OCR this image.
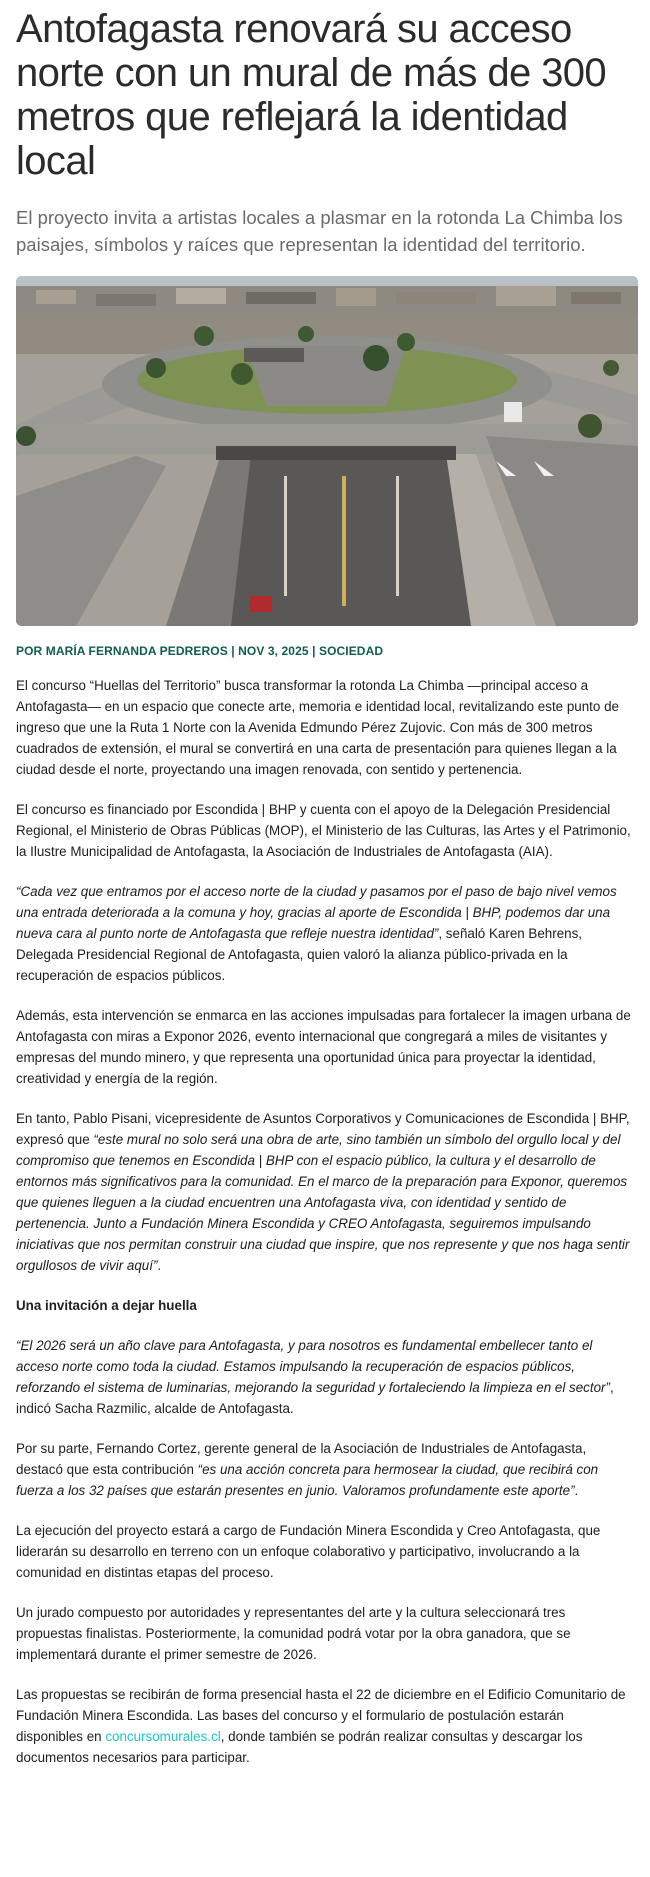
Antofagasta renovará su acceso norte con un mural de más de 300 metros que reflejará la identidad local

El proyecto invita a artistas locales a plasmar en la rotonda La Chimba los paisajes, símbolos y raíces que representan la identidad del territorio.

POR MARÍA FERNANDA PEDREROS | NOV 3, 2025 | SOCIEDAD

El concurso “Huellas del Territorio” busca transformar la rotonda La Chimba —principal acceso a Antofagasta— en un espacio que conecte arte, memoria e identidad local, revitalizando este punto de ingreso que une la Ruta 1 Norte con la Avenida Edmundo Pérez Zujovic. Con más de 300 metros cuadrados de extensión, el mural se convertirá en una carta de presentación para quienes llegan a la ciudad desde el norte, proyectando una imagen renovada, con sentido y pertenencia.

El concurso es financiado por Escondida | BHP y cuenta con el apoyo de la Delegación Presidencial Regional, el Ministerio de Obras Públicas (MOP), el Ministerio de las Culturas, las Artes y el Patrimonio, la Ilustre Municipalidad de Antofagasta, la Asociación de Industriales de Antofagasta (AIA).

“Cada vez que entramos por el acceso norte de la ciudad y pasamos por el paso de bajo nivel vemos una entrada deteriorada a la comuna y hoy, gracias al aporte de Escondida | BHP, podemos dar una nueva cara al punto norte de Antofagasta que refleje nuestra identidad”, señaló Karen Behrens, Delegada Presidencial Regional de Antofagasta, quien valoró la alianza público-privada en la recuperación de espacios públicos.

Además, esta intervención se enmarca en las acciones impulsadas para fortalecer la imagen urbana de Antofagasta con miras a Exponor 2026, evento internacional que congregará a miles de visitantes y empresas del mundo minero, y que representa una oportunidad única para proyectar la identidad, creatividad y energía de la región.

En tanto, Pablo Pisani, vicepresidente de Asuntos Corporativos y Comunicaciones de Escondida | BHP, expresó que “este mural no solo será una obra de arte, sino también un símbolo del orgullo local y del compromiso que tenemos en Escondida | BHP con el espacio público, la cultura y el desarrollo de entornos más significativos para la comunidad. En el marco de la preparación para Exponor, queremos que quienes lleguen a la ciudad encuentren una Antofagasta viva, con identidad y sentido de pertenencia. Junto a Fundación Minera Escondida y CREO Antofagasta, seguiremos impulsando iniciativas que nos permitan construir una ciudad que inspire, que nos represente y que nos haga sentir orgullosos de vivir aquí”.

Una invitación a dejar huella

“El 2026 será un año clave para Antofagasta, y para nosotros es fundamental embellecer tanto el acceso norte como toda la ciudad. Estamos impulsando la recuperación de espacios públicos, reforzando el sistema de luminarias, mejorando la seguridad y fortaleciendo la limpieza en el sector”, indicó Sacha Razmilic, alcalde de Antofagasta.

Por su parte, Fernando Cortez, gerente general de la Asociación de Industriales de Antofagasta, destacó que esta contribución “es una acción concreta para hermosear la ciudad, que recibirá con fuerza a los 32 países que estarán presentes en junio. Valoramos profundamente este aporte”.

La ejecución del proyecto estará a cargo de Fundación Minera Escondida y Creo Antofagasta, que liderarán su desarrollo en terreno con un enfoque colaborativo y participativo, involucrando a la comunidad en distintas etapas del proceso.

Un jurado compuesto por autoridades y representantes del arte y la cultura seleccionará tres propuestas finalistas. Posteriormente, la comunidad podrá votar por la obra ganadora, que se implementará durante el primer semestre de 2026.

Las propuestas se recibirán de forma presencial hasta el 22 de diciembre en el Edificio Comunitario de Fundación Minera Escondida. Las bases del concurso y el formulario de postulación estarán disponibles en concursomurales.cl, donde también se podrán realizar consultas y descargar los documentos necesarios para participar.
